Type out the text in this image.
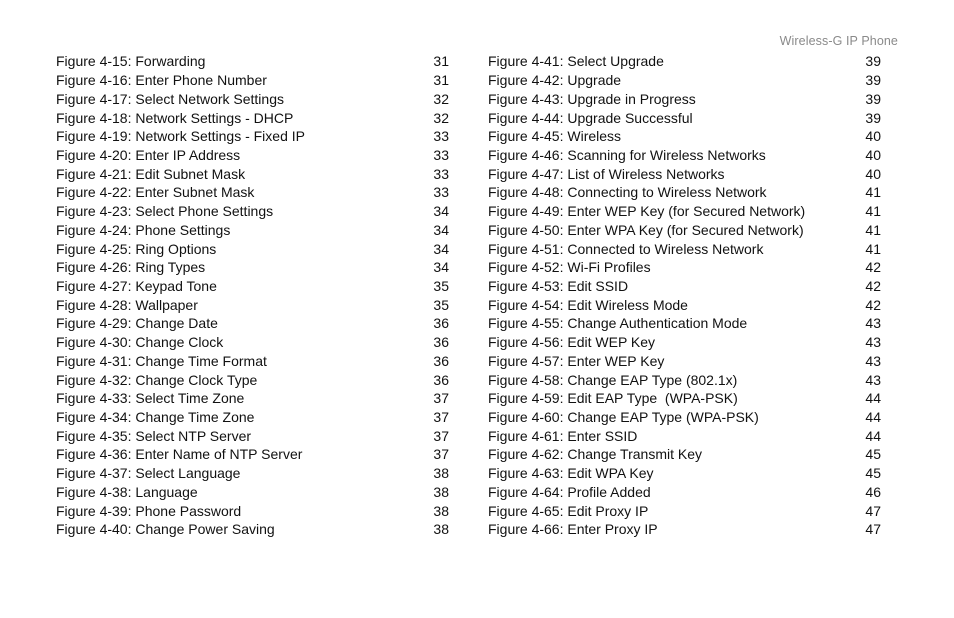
Wireless-G IP Phone
Figure 4-15: Forwarding	31
Figure 4-16: Enter Phone Number	31
Figure 4-17: Select Network Settings	32
Figure 4-18: Network Settings - DHCP	32
Figure 4-19: Network Settings - Fixed IP	33
Figure 4-20: Enter IP Address	33
Figure 4-21: Edit Subnet Mask	33
Figure 4-22: Enter Subnet Mask	33
Figure 4-23: Select Phone Settings	34
Figure 4-24: Phone Settings	34
Figure 4-25: Ring Options	34
Figure 4-26: Ring Types	34
Figure 4-27: Keypad Tone	35
Figure 4-28: Wallpaper	35
Figure 4-29: Change Date	36
Figure 4-30: Change Clock	36
Figure 4-31: Change Time Format	36
Figure 4-32: Change Clock Type	36
Figure 4-33: Select Time Zone	37
Figure 4-34: Change Time Zone	37
Figure 4-35: Select NTP Server	37
Figure 4-36: Enter Name of NTP Server	37
Figure 4-37: Select Language	38
Figure 4-38: Language	38
Figure 4-39: Phone Password	38
Figure 4-40: Change Power Saving	38
Figure 4-41: Select Upgrade	39
Figure 4-42: Upgrade	39
Figure 4-43: Upgrade in Progress	39
Figure 4-44: Upgrade Successful	39
Figure 4-45: Wireless	40
Figure 4-46: Scanning for Wireless Networks	40
Figure 4-47: List of Wireless Networks	40
Figure 4-48: Connecting to Wireless Network	41
Figure 4-49: Enter WEP Key (for Secured Network)	41
Figure 4-50: Enter WPA Key (for Secured Network)	41
Figure 4-51: Connected to Wireless Network	41
Figure 4-52: Wi-Fi Profiles	42
Figure 4-53: Edit SSID	42
Figure 4-54: Edit Wireless Mode	42
Figure 4-55: Change Authentication Mode	43
Figure 4-56: Edit WEP Key	43
Figure 4-57: Enter WEP Key	43
Figure 4-58: Change EAP Type (802.1x)	43
Figure 4-59: Edit EAP Type  (WPA-PSK)	44
Figure 4-60: Change EAP Type (WPA-PSK)	44
Figure 4-61: Enter SSID	44
Figure 4-62: Change Transmit Key	45
Figure 4-63: Edit WPA Key	45
Figure 4-64: Profile Added	46
Figure 4-65: Edit Proxy IP	47
Figure 4-66: Enter Proxy IP	47
